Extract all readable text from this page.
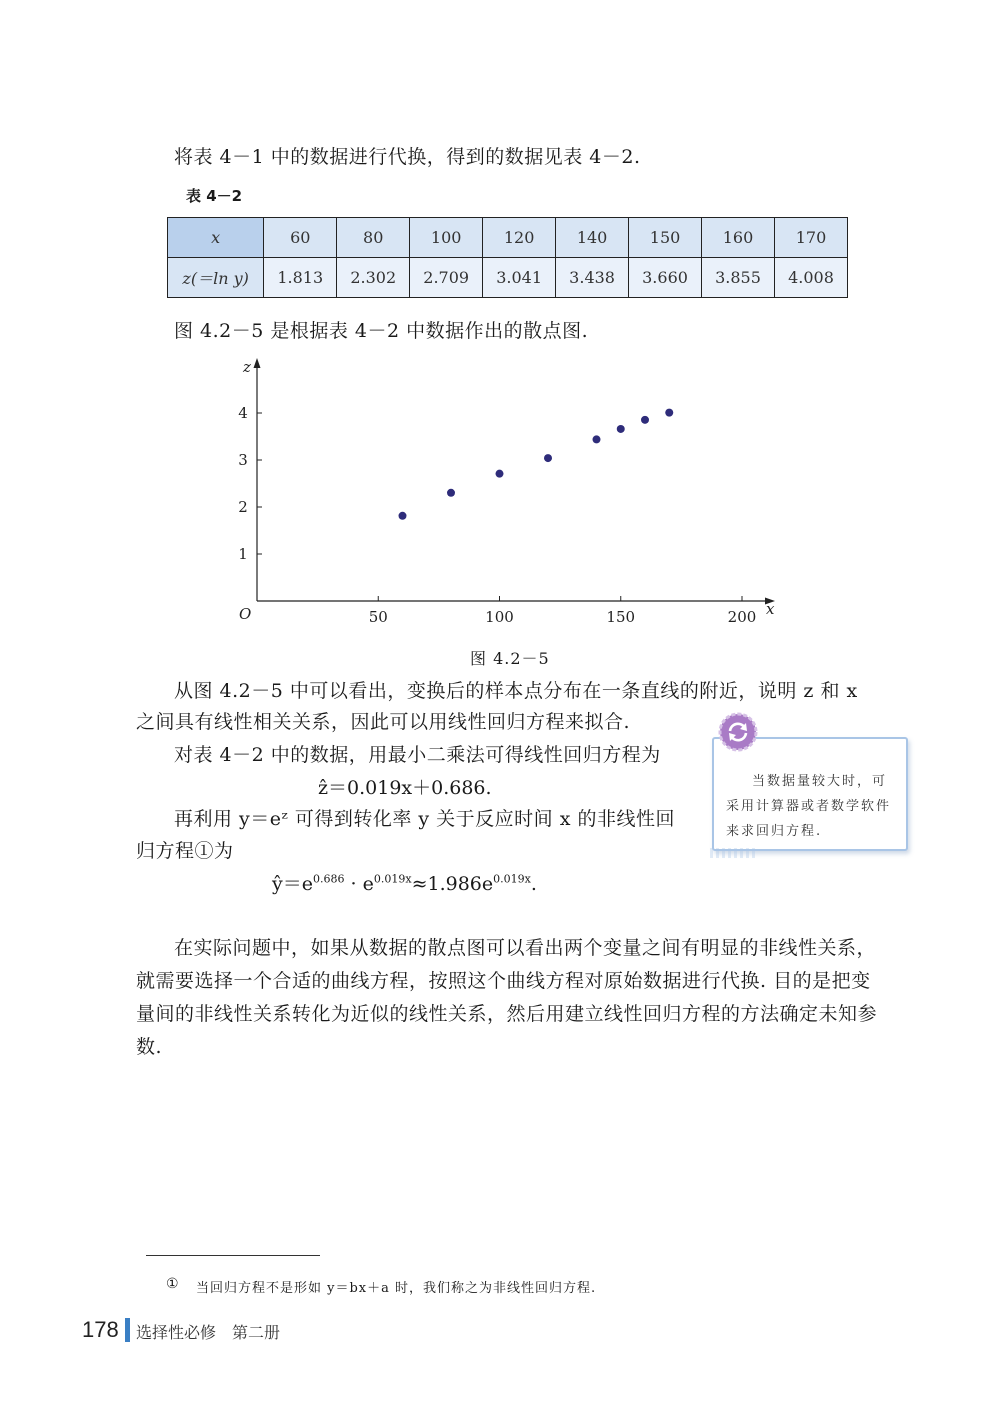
将表 4－1 中的数据进行代换，得到的数据见表 4－2.
表 4－2
x	60	80	100	120	140	150	160	170
z(＝ln y)	1.813	2.302	2.709	3.041	3.438	3.660	3.855	4.008
图 4.2－5 是根据表 4－2 中数据作出的散点图.
x
z
O	50	100	150	200
1
2
3
4
图 4.2－5
从图 4.2－5 中可以看出，变换后的样本点分布在一条直线的附近，说明 z 和 x
之间具有线性相关关系，因此可以用线性回归方程来拟合.
对表 4－2 中的数据，用最小二乘法可得线性回归方程为
ẑ＝0.019x＋0.686.
再利用 y＝eᶻ 可得到转化率 y 关于反应时间 x 的非线性回
归方程①为
$ŷ=e^{0.686} \cdot e^{0.019x}\approx 1.986e^{0.019x}$.
当数据量较大时，可采用计算器或者数学软件来求回归方程.
在实际问题中，如果从数据的散点图可以看出两个变量之间有明显的非线性关系，就需要选择一个合适的曲线方程，按照这个曲线方程对原始数据进行代换. 目的是把变量间的非线性关系转化为近似的线性关系，然后用建立线性回归方程的方法确定未知参数.
① 当回归方程不是形如 y＝bx＋a 时，我们称之为非线性回归方程.
178 选择性必修　第二册
